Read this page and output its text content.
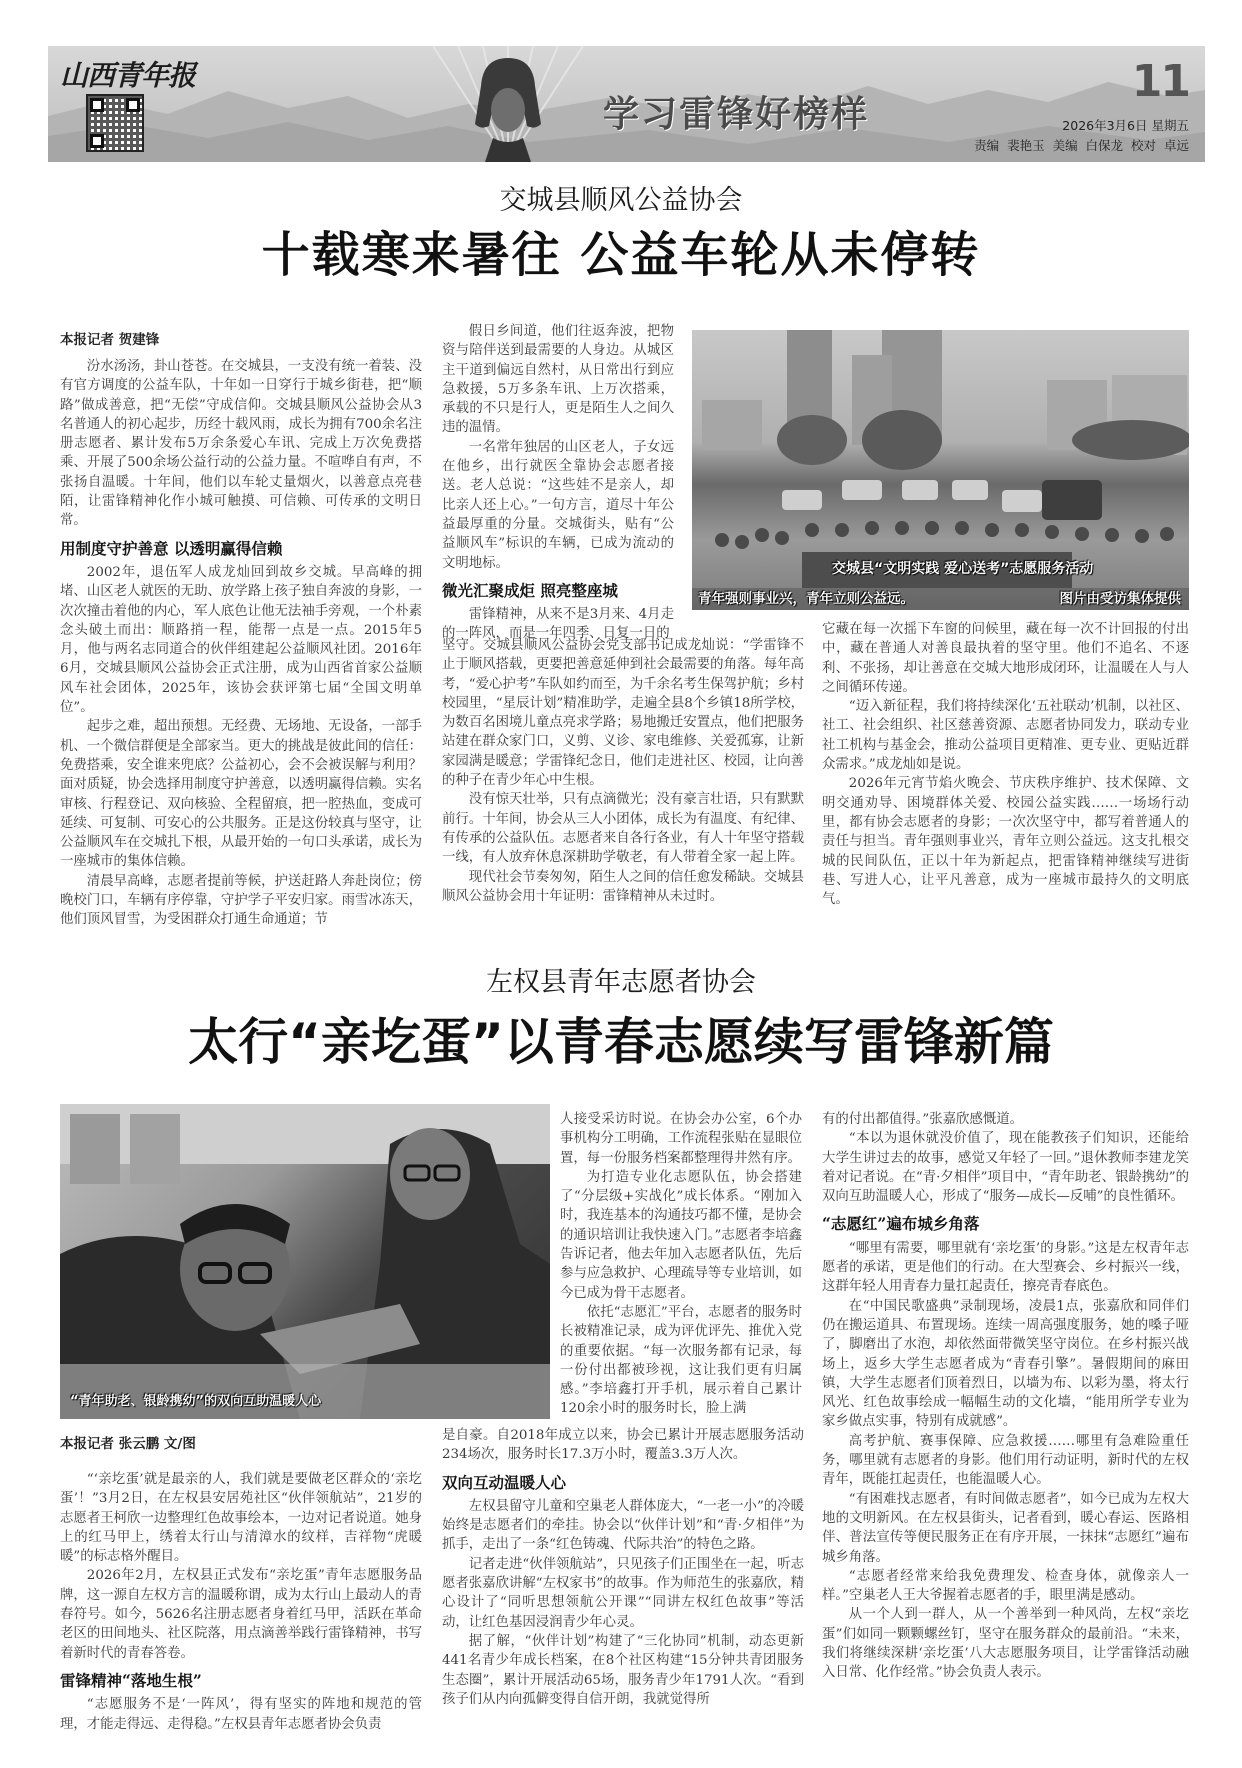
山西青年报
学习雷锋好榜样
11
2026年3月6日 星期五
责编 裴艳玉 美编 白保龙 校对 卓远
交城县顺风公益协会
十载寒来暑往 公益车轮从未停转
本报记者 贺建锋

汾水汤汤，卦山苍苍。在交城县，一支没有统一着装、没有官方调度的公益车队，十年如一日穿行于城乡街巷，把“顺路”做成善意，把“无偿”守成信仰。交城县顺风公益协会从3名普通人的初心起步，历经十载风雨，成长为拥有700余名注册志愿者、累计发布5万余条爱心车讯、完成上万次免费搭乘、开展了500余场公益行动的公益力量。不喧哗自有声，不张扬自温暖。十年间，他们以车轮丈量烟火，以善意点亮巷陌，让雷锋精神化作小城可触摸、可信赖、可传承的文明日常。

用制度守护善意 以透明赢得信赖

2002年，退伍军人成龙灿回到故乡交城。早高峰的拥堵、山区老人就医的无助、放学路上孩子独自奔波的身影，一次次撞击着他的内心，军人底色让他无法袖手旁观，一个朴素念头破土而出：顺路捎一程，能帮一点是一点。2015年5月，他与两名志同道合的伙伴组建起公益顺风社团。2016年6月，交城县顺风公益协会正式注册，成为山西省首家公益顺风车社会团体，2025年，该协会获评第七届“全国文明单位”。

起步之难，超出预想。无经费、无场地、无设备，一部手机、一个微信群便是全部家当。更大的挑战是彼此间的信任：免费搭乘，安全谁来兜底？公益初心，会不会被误解与利用？面对质疑，协会选择用制度守护善意，以透明赢得信赖。实名审核、行程登记、双向核验、全程留痕，把一腔热血，变成可延续、可复制、可安心的公共服务。正是这份较真与坚守，让公益顺风车在交城扎下根，从最开始的一句口头承诺，成长为一座城市的集体信赖。

清晨早高峰，志愿者提前等候，护送赶路人奔赴岗位；傍晚校门口，车辆有序停靠，守护学子平安归家。雨雪冰冻天，他们顶风冒雪，为受困群众打通生命通道；节

假日乡间道，他们往返奔波，把物资与陪伴送到最需要的人身边。从城区主干道到偏远自然村，从日常出行到应急救援，5万多条车讯、上万次搭乘，承载的不只是行人，更是陌生人之间久违的温情。

一名常年独居的山区老人，子女远在他乡，出行就医全靠协会志愿者接送。老人总说：“这些娃不是亲人，却比亲人还上心。”一句方言，道尽十年公益最厚重的分量。交城街头，贴有“公益顺风车”标识的车辆，已成为流动的文明地标。

微光汇聚成炬 照亮整座城

雷锋精神，从来不是3月来、4月走的一阵风，而是一年四季、日复一日的

坚守。交城县顺风公益协会党支部书记成龙灿说：“学雷锋不止于顺风搭载，更要把善意延伸到社会最需要的角落。每年高考，“爱心护考”车队如约而至，为千余名考生保驾护航；乡村校园里，“星辰计划”精准助学，走遍全县8个乡镇18所学校，为数百名困境儿童点亮求学路；易地搬迁安置点，他们把服务站建在群众家门口，义剪、义诊、家电维修、关爱孤寡，让新家园满是暖意；学雷锋纪念日，他们走进社区、校园，让向善的种子在青少年心中生根。

没有惊天壮举，只有点滴微光；没有豪言壮语，只有默默前行。十年间，协会从三人小团体，成长为有温度、有纪律、有传承的公益队伍。志愿者来自各行各业，有人十年坚守搭载一线，有人放弃休息深耕助学敬老，有人带着全家一起上阵。

现代社会节奏匆匆，陌生人之间的信任愈发稀缺。交城县顺风公益协会用十年证明：雷锋精神从未过时。

交城县“文明实践 爱心送考”志愿服务活动
青年强则事业兴，青年立则公益远。	图片由受访集体提供

它藏在每一次摇下车窗的问候里，藏在每一次不计回报的付出中，藏在普通人对善良最执着的坚守里。他们不追名、不逐利、不张扬，却让善意在交城大地形成闭环，让温暖在人与人之间循环传递。

“迈入新征程，我们将持续深化‘五社联动’机制，以社区、社工、社会组织、社区慈善资源、志愿者协同发力，联动专业社工机构与基金会，推动公益项目更精准、更专业、更贴近群众需求。”成龙灿如是说。

2026年元宵节焰火晚会、节庆秩序维护、技术保障、文明交通劝导、困境群体关爱、校园公益实践……一场场行动里，都有协会志愿者的身影；一次次坚守中，都写着普通人的责任与担当。青年强则事业兴，青年立则公益远。这支扎根交城的民间队伍，正以十年为新起点，把雷锋精神继续写进街巷、写进人心，让平凡善意，成为一座城市最持久的文明底气。

左权县青年志愿者协会
太行“亲圪蛋”以青春志愿续写雷锋新篇
“青年助老、银龄携幼”的双向互助温暖人心
本报记者 张云鹏 文/图

“‘亲圪蛋’就是最亲的人，我们就是要做老区群众的‘亲圪蛋’！”3月2日，在左权县安居苑社区“伙伴领航站”，21岁的志愿者王柯欣一边整理红色故事绘本，一边对记者说道。她身上的红马甲上，绣着太行山与清漳水的纹样，吉祥物“虎暖暖”的标志格外醒目。

2026年2月，左权县正式发布“亲圪蛋”青年志愿服务品牌，这一源自左权方言的温暖称谓，成为太行山上最动人的青春符号。如今，5626名注册志愿者身着红马甲，活跃在革命老区的田间地头、社区院落，用点滴善举践行雷锋精神，书写着新时代的青春答卷。

雷锋精神“落地生根”

“志愿服务不是‘一阵风’，得有坚实的阵地和规范的管理，才能走得远、走得稳。”左权县青年志愿者协会负责

人接受采访时说。在协会办公室，6个办事机构分工明确，工作流程张贴在显眼位置，每一份服务档案都整理得井然有序。

为打造专业化志愿队伍，协会搭建了“分层级+实战化”成长体系。“刚加入时，我连基本的沟通技巧都不懂，是协会的通识培训让我快速入门。”志愿者李培鑫告诉记者，他去年加入志愿者队伍，先后参与应急救护、心理疏导等专业培训，如今已成为骨干志愿者。

依托“志愿汇”平台，志愿者的服务时长被精准记录，成为评优评先、推优入党的重要依据。“每一次服务都有记录，每一份付出都被珍视，这让我们更有归属感。”李培鑫打开手机，展示着自己累计120余小时的服务时长，脸上满

是自豪。自2018年成立以来，协会已累计开展志愿服务活动234场次，服务时长17.3万小时，覆盖3.3万人次。

双向互动温暖人心

左权县留守儿童和空巢老人群体庞大，“一老一小”的冷暖始终是志愿者们的牵挂。协会以“伙伴计划”和“青·夕相伴”为抓手，走出了一条“红色铸魂、代际共治”的特色之路。

记者走进“伙伴领航站”，只见孩子们正围坐在一起，听志愿者张嘉欣讲解“左权家书”的故事。作为师范生的张嘉欣，精心设计了“同听思想领航公开课”“同讲左权红色故事”等活动，让红色基因浸润青少年心灵。

据了解，“伙伴计划”构建了“三化协同”机制，动态更新441名青少年成长档案，在8个社区构建“15分钟共青团服务生态圈”，累计开展活动65场，服务青少年1791人次。“看到孩子们从内向孤僻变得自信开朗，我就觉得所

有的付出都值得。”张嘉欣感慨道。

“本以为退休就没价值了，现在能教孩子们知识，还能给大学生讲过去的故事，感觉又年轻了一回。”退休教师李建龙笑着对记者说。在“青·夕相伴”项目中，“青年助老、银龄携幼”的双向互助温暖人心，形成了“服务—成长—反哺”的良性循环。

“志愿红”遍布城乡角落

“哪里有需要，哪里就有‘亲圪蛋’的身影。”这是左权青年志愿者的承诺，更是他们的行动。在大型赛会、乡村振兴一线，这群年轻人用青春力量扛起责任，擦亮青春底色。

在“中国民歌盛典”录制现场，凌晨1点，张嘉欣和同伴们仍在搬运道具、布置现场。连续一周高强度服务，她的嗓子哑了，脚磨出了水泡，却依然面带微笑坚守岗位。在乡村振兴战场上，返乡大学生志愿者成为“青春引擎”。暑假期间的麻田镇，大学生志愿者们顶着烈日，以墙为布、以彩为墨，将太行风光、红色故事绘成一幅幅生动的文化墙，“能用所学专业为家乡做点实事，特别有成就感”。

高考护航、赛事保障、应急救援……哪里有急难险重任务，哪里就有志愿者的身影。他们用行动证明，新时代的左权青年，既能扛起责任，也能温暖人心。

“有困难找志愿者，有时间做志愿者”，如今已成为左权大地的文明新风。在左权县街头，记者看到，暖心春运、医路相伴、普法宣传等便民服务正在有序开展，一抹抹“志愿红”遍布城乡角落。

“志愿者经常来给我免费理发、检查身体，就像亲人一样。”空巢老人王大爷握着志愿者的手，眼里满是感动。

从一个人到一群人，从一个善举到一种风尚，左权“亲圪蛋”们如同一颗颗螺丝钉，坚守在服务群众的最前沿。“未来，我们将继续深耕‘亲圪蛋’八大志愿服务项目，让学雷锋活动融入日常、化作经常。”协会负责人表示。
